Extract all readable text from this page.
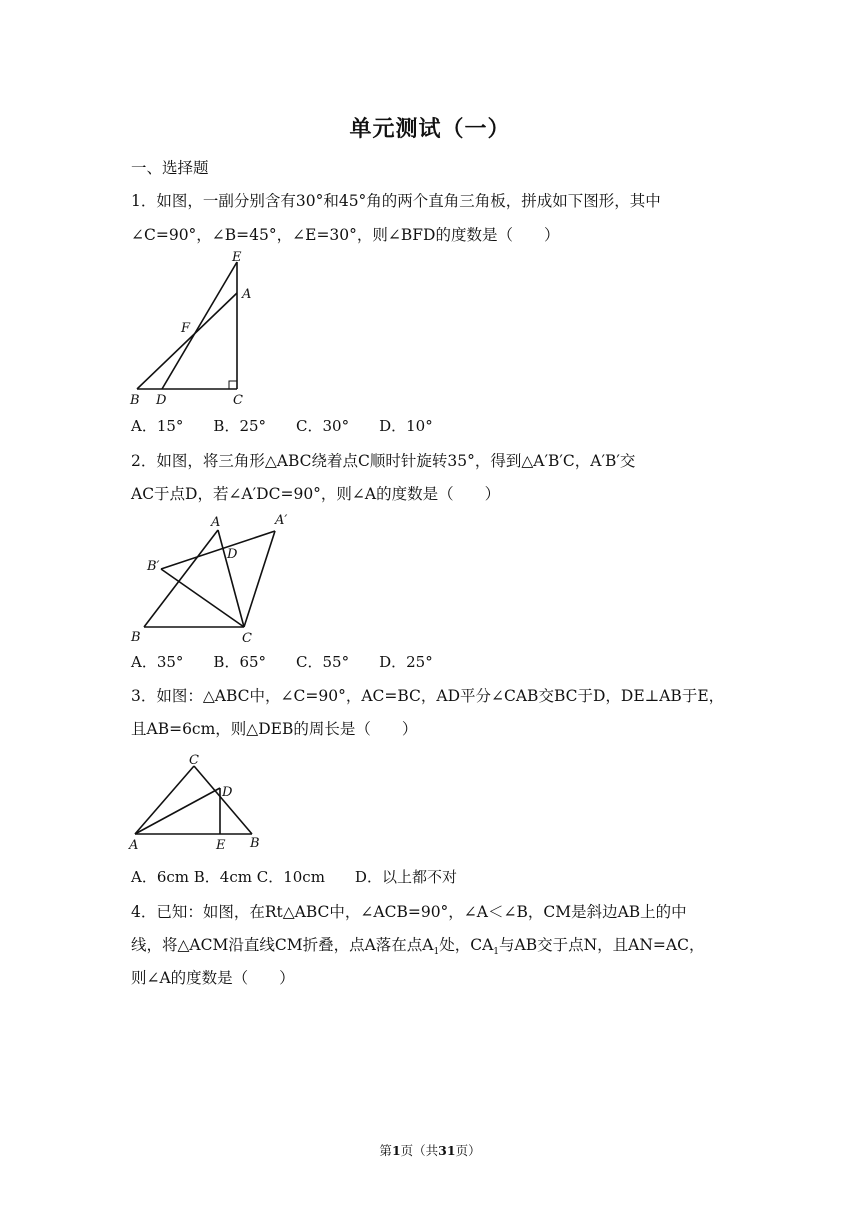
单元测试（一）
一、选择题
1．如图，一副分别含有30°和45°角的两个直角三角板，拼成如下图形，其中
∠C=90°，∠B=45°，∠E=30°，则∠BFD的度数是（　　）
E
A
F
B D	C
A．15°　　B．25°　　C．30°　　D．10°
2．如图，将三角形△ABC绕着点C顺时针旋转35°，得到△A′B′C，A′B′交
AC于点D，若∠A′DC=90°，则∠A的度数是（　　）
A	A′
D
B′
B	C
A．35°　　B．65°　　C．55°　　D．25°
3．如图：△ABC中，∠C=90°，AC=BC，AD平分∠CAB交BC于D，DE⊥AB于E，
且AB=6cm，则△DEB的周长是（　　）
C
D
A	E B
A．6cm B．4cm C．10cm　　D．以上都不对
4．已知：如图，在Rt△ABC中，∠ACB=90°，∠A＜∠B，CM是斜边AB上的中
线，将△ACM沿直线CM折叠，点A落在点$A_1$处，$CA_1$与AB交于点N，且AN=AC，
则∠A的度数是（　　）
第1页（共31页）
